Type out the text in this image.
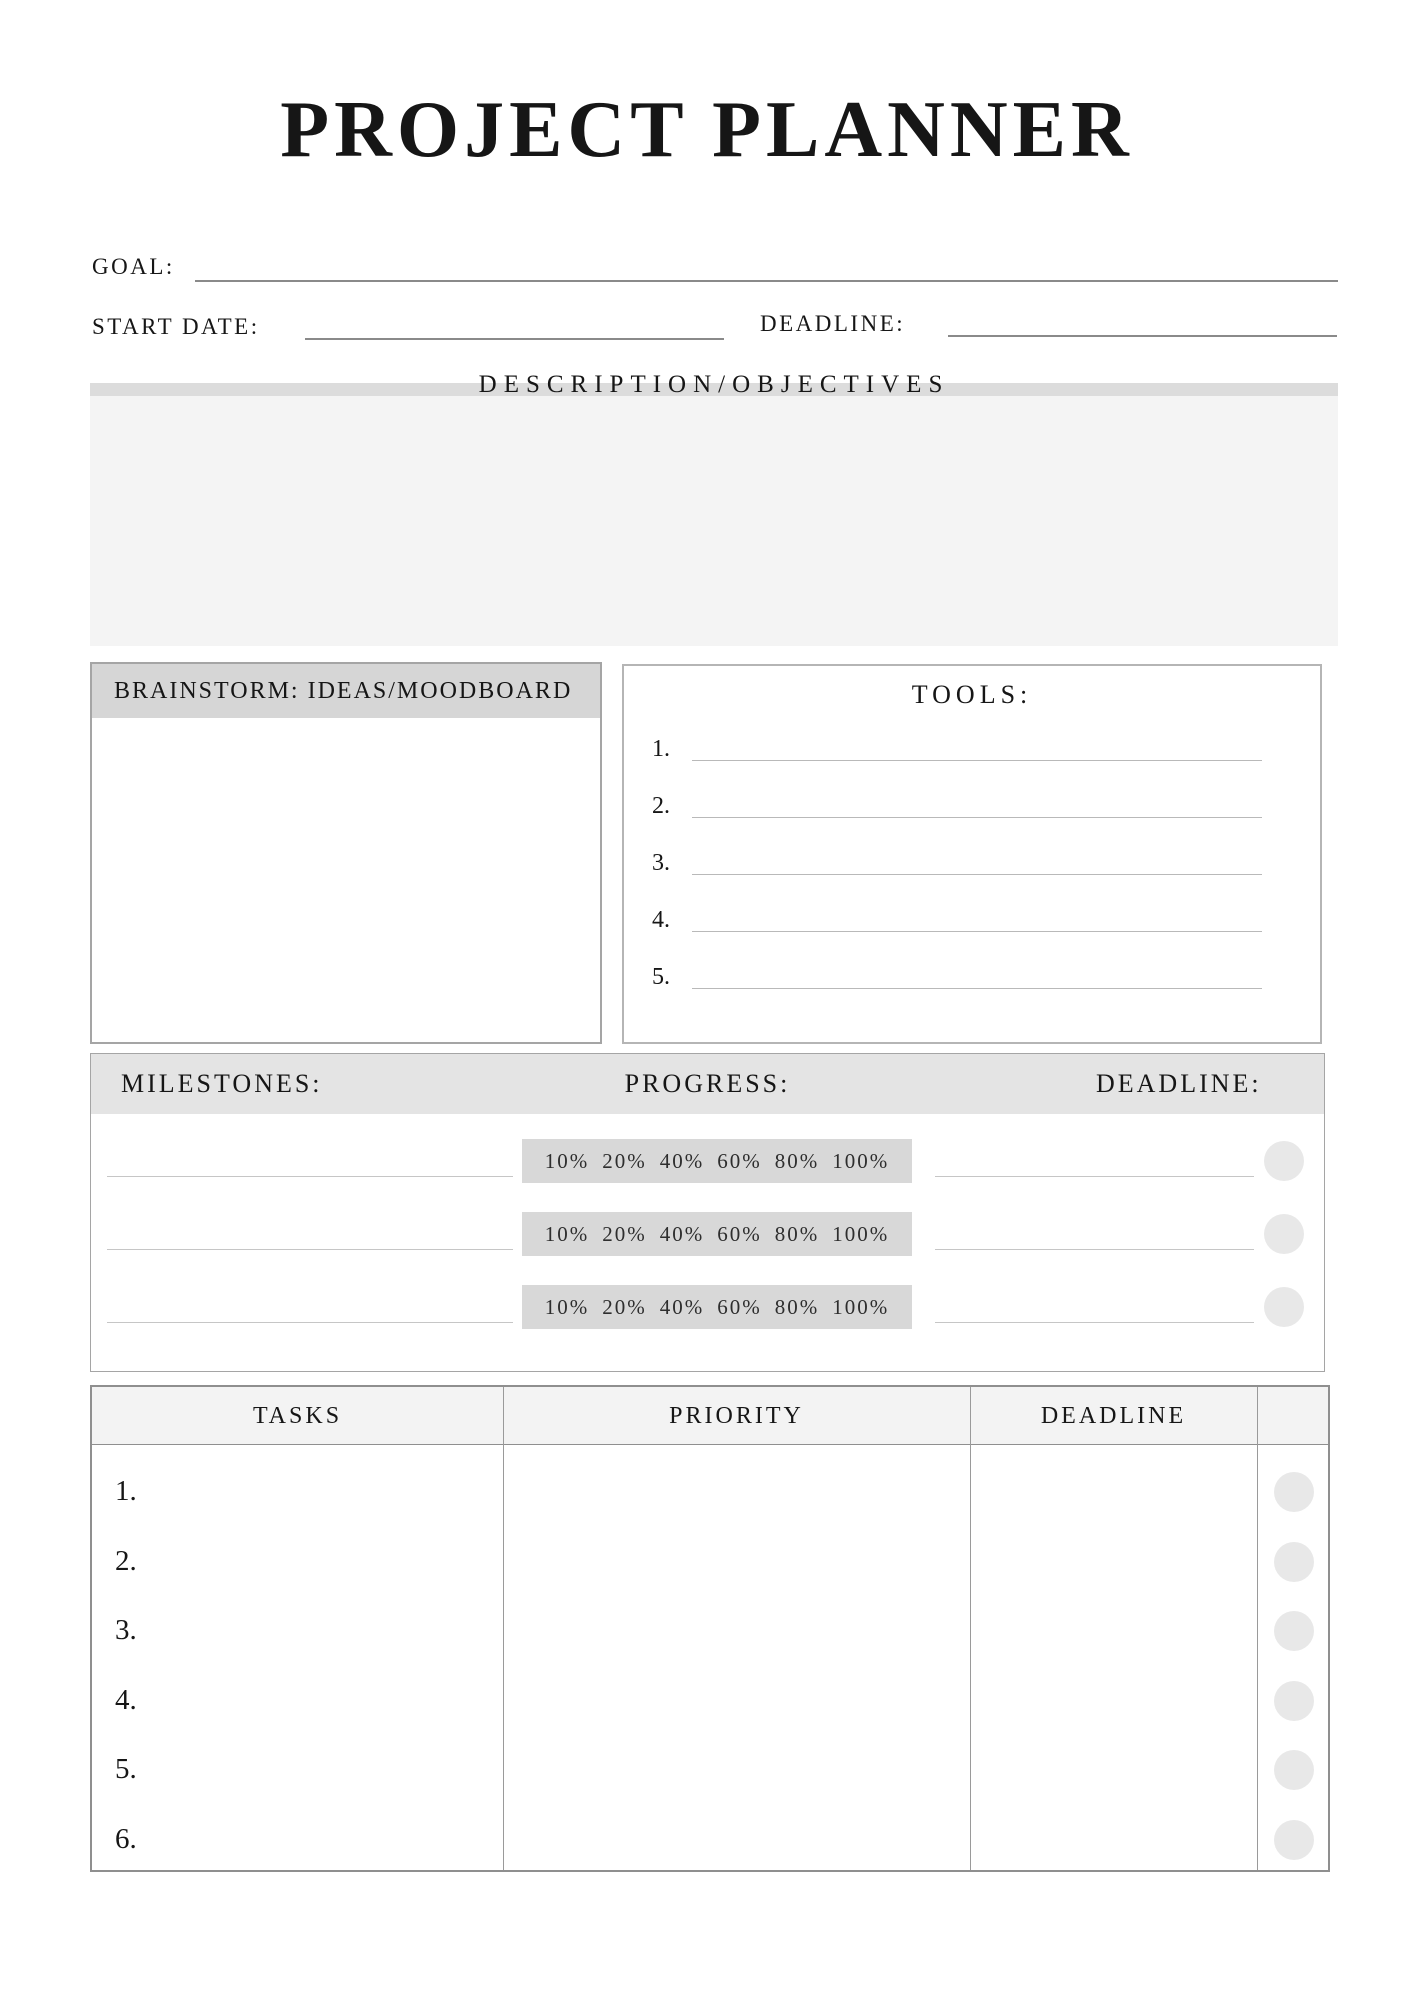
PROJECT PLANNER
GOAL:
START DATE:	DEADLINE:
DESCRIPTION/OBJECTIVES
BRAINSTORM: IDEAS/MOODBOARD	TOOLS:
1.
2.
3.
4.
5.
MILESTONES:	PROGRESS:	DEADLINE:
10% 20% 40% 60% 80% 100%
10% 20% 40% 60% 80% 100%
10% 20% 40% 60% 80% 100%
TASKS	PRIORITY	DEADLINE
1.
2.
3.
4.
5.
6.
